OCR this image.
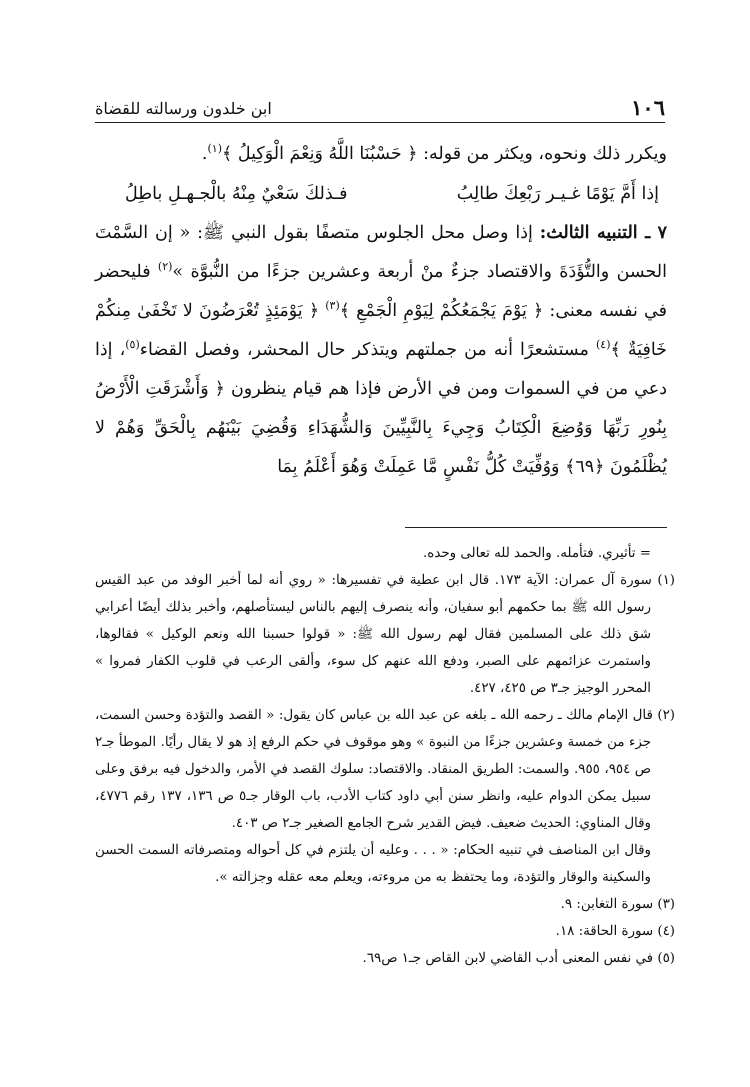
١٠٦
ابن خلدون ورسالته للقضاة

ويكرر ذلك ونحوه، ويكثر من قوله: ﴿ حَسْبُنَا اللَّهُ وَنِعْمَ الْوَكِيلُ ﴾$^{(١)}$.

إذا أَمَّ يَوْمًا غـيـر رَبْعِكَ طالِبُ
فـذلكَ سَعْيٌ مِنْهُ بالْجـهـلِ باطِلُ

٧ ـ التنبيه الثالث: إذا وصل محل الجلوس متصفًا بقول النبي ﷺ: « إن السَّمْتَ الحسن والتُّؤَدَةَ والاقتصاد جزءٌ منْ أربعة وعشرين جزءًا من النُّبوَّة »$^{(٢)}$ فليحضر في نفسه معنى: ﴿ يَوْمَ يَجْمَعُكُمْ لِيَوْمِ الْجَمْعِ ﴾$^{(٣)}$ ﴿ يَوْمَئِذٍ تُعْرَضُونَ لا تَخْفَىٰ مِنكُمْ خَافِيَةٌ ﴾$^{(٤)}$ مستشعرًا أنه من جملتهم ويتذكر حال المحشر، وفصل القضاء$^{(٥)}$، إذا دعي من في السموات ومن في الأرض فإذا هم قيام ينظرون ﴿ وَأَشْرَقَتِ الْأَرْضُ بِنُورِ رَبِّهَا وَوُضِعَ الْكِتَابُ وَجِيءَ بِالنَّبِيِّينَ وَالشُّهَدَاءِ وَقُضِيَ بَيْنَهُم بِالْحَقِّ وَهُمْ لا يُظْلَمُونَ ﴿٦٩﴾ وَوُفِّيَتْ كُلُّ نَفْسٍ مَّا عَمِلَتْ وَهُوَ أَعْلَمُ بِمَا

= تأثيري. فتأمله. والحمد لله تعالى وحده.

(١) سورة آل عمران: الآية ١٧٣. قال ابن عطية في تفسيرها: « روي أنه لما أخبر الوفد من عبد القيس رسول الله ﷺ بما حكمهم أبو سفيان، وأنه ينصرف إليهم بالناس ليستأصلهم، وأخبر بذلك أيضًا أعرابي شق ذلك على المسلمين فقال لهم رسول الله ﷺ: « قولوا حسبنا الله ونعم الوكيل » فقالوها، واستمرت عزائمهم على الصبر، ودفع الله عنهم كل سوء، وألقى الرعب في قلوب الكفار فمروا » المحرر الوجيز جـ٣ ص ٤٢٥، ٤٢٧.

(٢) قال الإمام مالك ـ رحمه الله ـ بلغه عن عبد الله بن عباس كان يقول: « القصد والتؤدة وحسن السمت، جزء من خمسة وعشرين جزءًا من النبوة » وهو موقوف في حكم الرفع إذ هو لا يقال رأيًا. الموطأ جـ٢ ص ٩٥٤، ٩٥٥. والسمت: الطريق المنقاد. والاقتصاد: سلوك القصد في الأمر، والدخول فيه برفق وعلى سبيل يمكن الدوام عليه، وانظر سنن أبي داود كتاب الأدب، باب الوقار جـ٥ ص ١٣٦، ١٣٧ رقم ٤٧٧٦، وقال المناوي: الحديث ضعيف. فيض القدير شرح الجامع الصغير جـ٢ ص ٤٠٣.

وقال ابن المناصف في تنبيه الحكام: « . . . وعليه أن يلتزم في كل أحواله ومتصرفاته السمت الحسن والسكينة والوقار والتؤدة، وما يحتفظ به من مروءته، ويعلم معه عقله وجزالته ».

(٣) سورة التغابن: ٩.

(٤) سورة الحاقة: ١٨.

(٥) في نفس المعنى أدب القاضي لابن القاص جـ١ ص٦٩.
